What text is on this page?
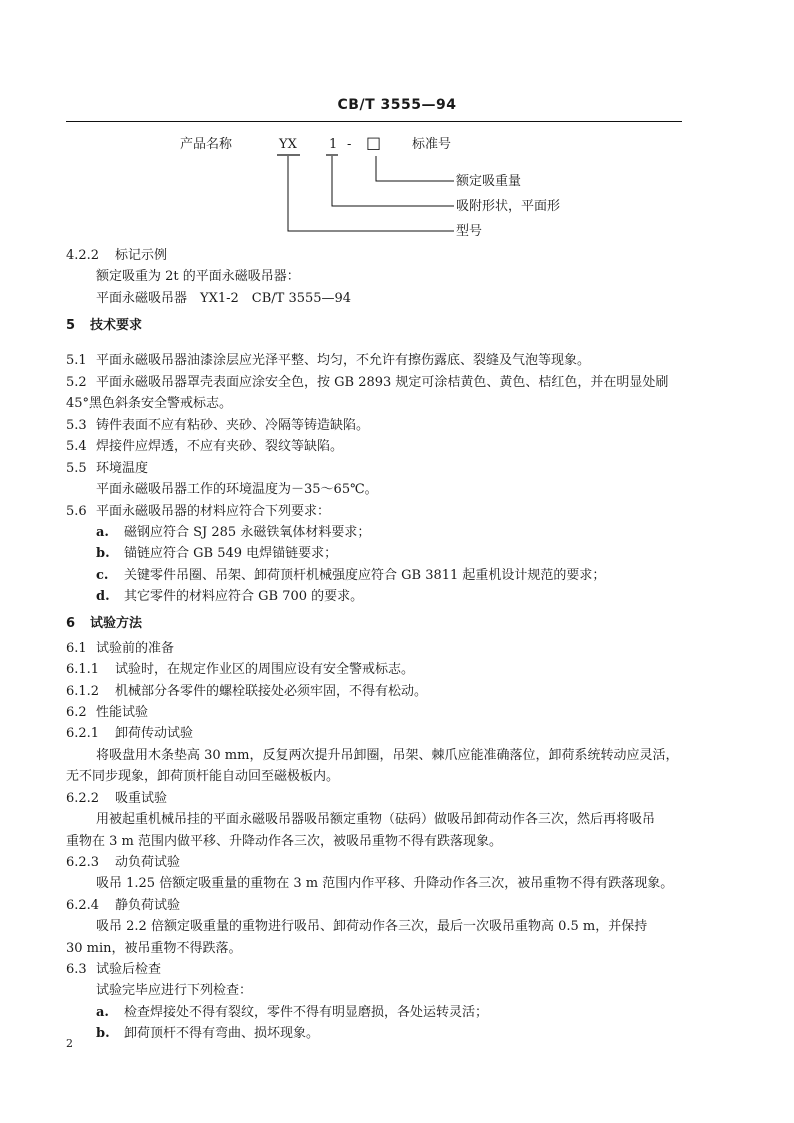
CB/T 3555—94
产品名称	YX 1 - □ 标准号
额定吸重量
吸附形状，平面形
型号
4.2.2 标记示例
额定吸重为 2t 的平面永磁吸吊器：
平面永磁吸吊器　YX1-2　CB/T 3555—94
5 技术要求
5.1 平面永磁吸吊器油漆涂层应光泽平整、均匀，不允许有擦伤露底、裂缝及气泡等现象。
5.2 平面永磁吸吊器罩壳表面应涂安全色，按 GB 2893 规定可涂桔黄色、黄色、桔红色，并在明显处刷
45°黑色斜条安全警戒标志。
5.3 铸件表面不应有粘砂、夹砂、冷隔等铸造缺陷。
5.4 焊接件应焊透，不应有夹砂、裂纹等缺陷。
5.5 环境温度
平面永磁吸吊器工作的环境温度为－35～65℃。
5.6 平面永磁吸吊器的材料应符合下列要求：
a. 磁钢应符合 SJ 285 永磁铁氧体材料要求；
b. 锚链应符合 GB 549 电焊锚链要求；
c. 关键零件吊圈、吊架、卸荷顶杆机械强度应符合 GB 3811 起重机设计规范的要求；
d. 其它零件的材料应符合 GB 700 的要求。
6 试验方法
6.1 试验前的准备
6.1.1 试验时，在规定作业区的周围应设有安全警戒标志。
6.1.2 机械部分各零件的螺栓联接处必须牢固，不得有松动。
6.2 性能试验
6.2.1 卸荷传动试验
将吸盘用木条垫高 30 mm，反复两次提升吊卸圈，吊架、棘爪应能准确落位，卸荷系统转动应灵活，
无不同步现象，卸荷顶杆能自动回至磁极板内。
6.2.2 吸重试验
用被起重机械吊挂的平面永磁吸吊器吸吊额定重物（砝码）做吸吊卸荷动作各三次，然后再将吸吊
重物在 3 m 范围内做平移、升降动作各三次，被吸吊重物不得有跌落现象。
6.2.3 动负荷试验
吸吊 1.25 倍额定吸重量的重物在 3 m 范围内作平移、升降动作各三次，被吊重物不得有跌落现象。
6.2.4 静负荷试验
吸吊 2.2 倍额定吸重量的重物进行吸吊、卸荷动作各三次，最后一次吸吊重物高 0.5 m，并保持
30 min，被吊重物不得跌落。
6.3 试验后检查
试验完毕应进行下列检查：
a. 检查焊接处不得有裂纹，零件不得有明显磨损，各处运转灵活；
b. 卸荷顶杆不得有弯曲、损坏现象。
2
